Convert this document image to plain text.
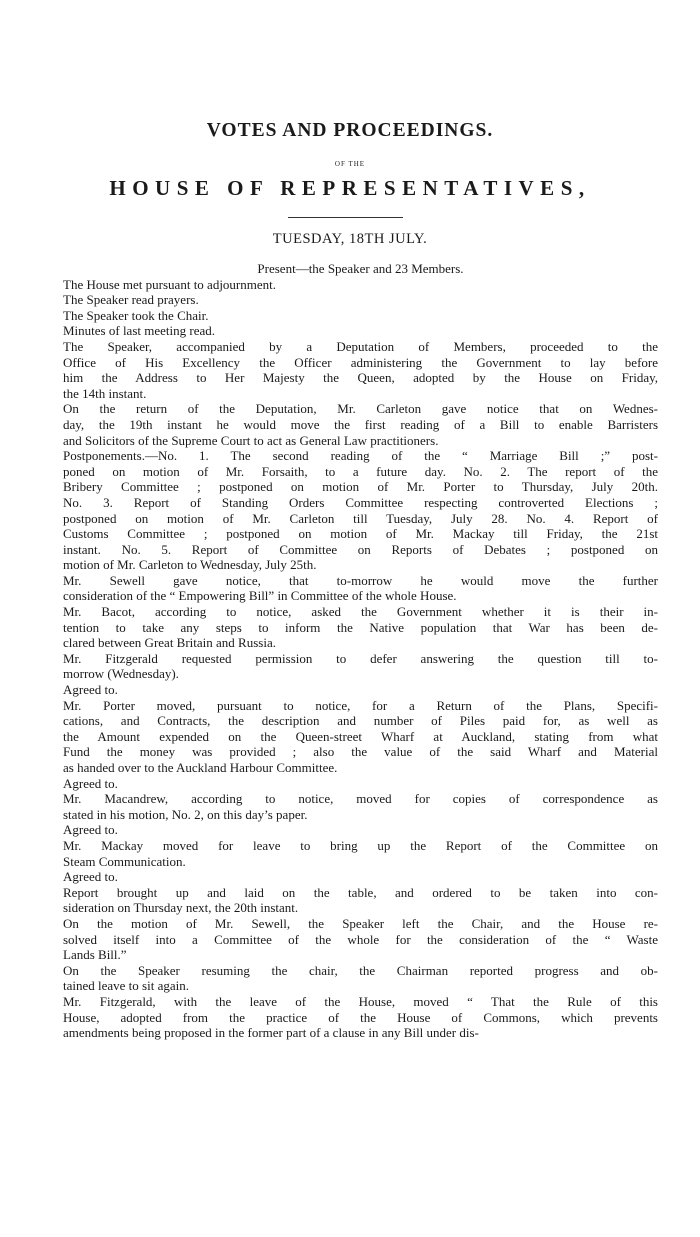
VOTES AND PROCEEDINGS.
OF THE
HOUSE OF REPRESENTATIVES,
TUESDAY, 18TH JULY.
Present—the Speaker and 23 Members.
The House met pursuant to adjournment.
The Speaker read prayers.
The Speaker took the Chair.
Minutes of last meeting read.
The Speaker, accompanied by a Deputation of Members, proceeded to the
Office of His Excellency the Officer administering the Government to lay before
him the Address to Her Majesty the Queen, adopted by the House on Friday,
the 14th instant.
On the return of the Deputation, Mr. Carleton gave notice that on Wednes-
day, the 19th instant he would move the first reading of a Bill to enable Barristers
and Solicitors of the Supreme Court to act as General Law practitioners.
Postponements.—No. 1. The second reading of the “ Marriage Bill ;” post-
poned on motion of Mr. Forsaith, to a future day. No. 2. The report of the
Bribery Committee ; postponed on motion of Mr. Porter to Thursday, July 20th.
No. 3. Report of Standing Orders Committee respecting controverted Elections ;
postponed on motion of Mr. Carleton till Tuesday, July 28. No. 4. Report of
Customs Committee ; postponed on motion of Mr. Mackay till Friday, the 21st
instant. No. 5. Report of Committee on Reports of Debates ; postponed on
motion of Mr. Carleton to Wednesday, July 25th.
Mr. Sewell gave notice, that to-morrow he would move the further
consideration of the “ Empowering Bill” in Committee of the whole House.
Mr. Bacot, according to notice, asked the Government whether it is their in-
tention to take any steps to inform the Native population that War has been de-
clared between Great Britain and Russia.
Mr. Fitzgerald requested permission to defer answering the question till to-
morrow (Wednesday).
Agreed to.
Mr. Porter moved, pursuant to notice, for a Return of the Plans, Specifi-
cations, and Contracts, the description and number of Piles paid for, as well as
the Amount expended on the Queen-street Wharf at Auckland, stating from what
Fund the money was provided ; also the value of the said Wharf and Material
as handed over to the Auckland Harbour Committee.
Agreed to.
Mr. Macandrew, according to notice, moved for copies of correspondence as
stated in his motion, No. 2, on this day’s paper.
Agreed to.
Mr. Mackay moved for leave to bring up the Report of the Committee on
Steam Communication.
Agreed to.
Report brought up and laid on the table, and ordered to be taken into con-
sideration on Thursday next, the 20th instant.
On the motion of Mr. Sewell, the Speaker left the Chair, and the House re-
solved itself into a Committee of the whole for the consideration of the “ Waste
Lands Bill.”
On the Speaker resuming the chair, the Chairman reported progress and ob-
tained leave to sit again.
Mr. Fitzgerald, with the leave of the House, moved “ That the Rule of this
House, adopted from the practice of the House of Commons, which prevents
amendments being proposed in the former part of a clause in any Bill under dis-
